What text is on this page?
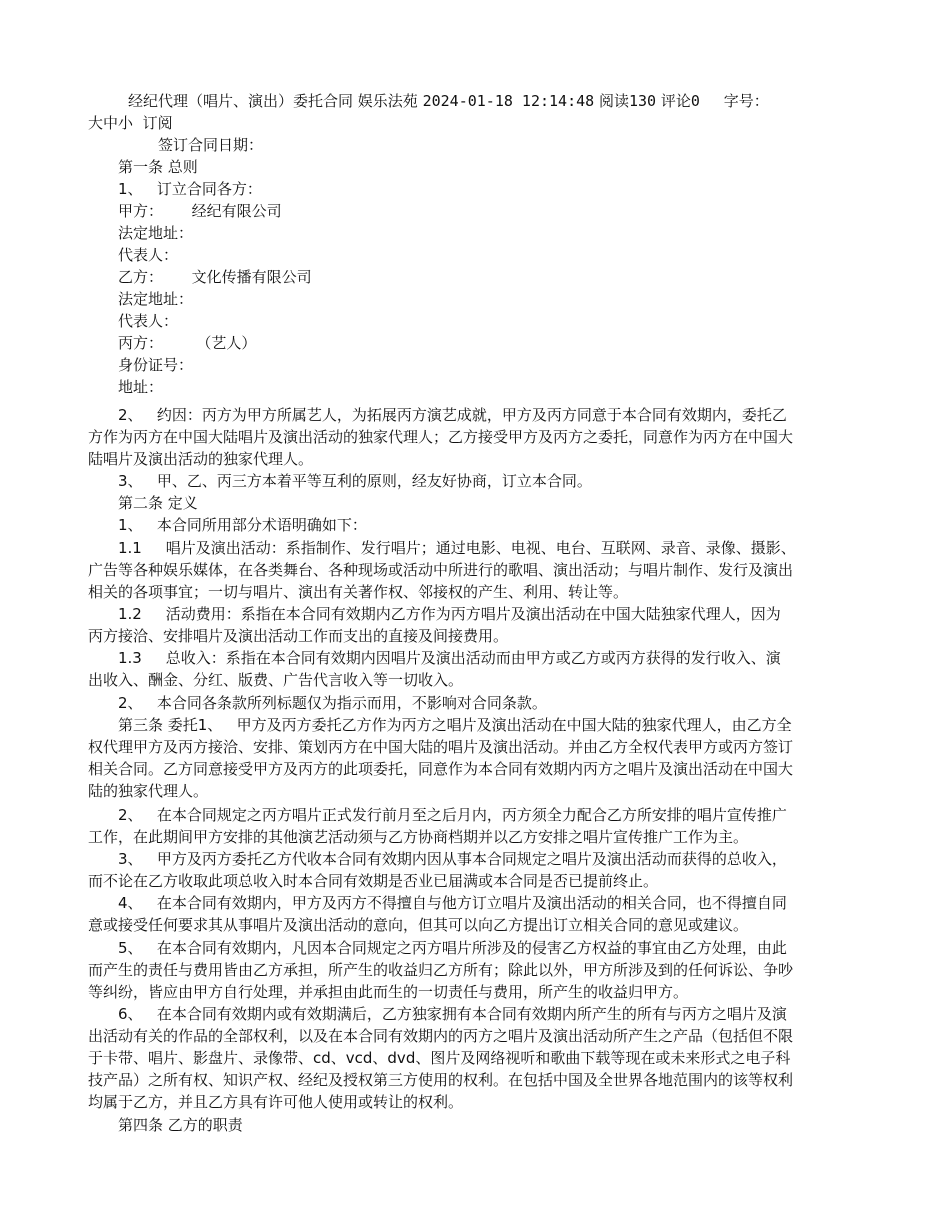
经纪代理（唱片、演出）委托合同 娱乐法苑 2024-01-18 12:14:48 阅读130 评论0 字号：
大中小 订阅
签订合同日期：
第一条 总则
1、   订立合同各方：
甲方：      经纪有限公司
法定地址：
代表人：
乙方：      文化传播有限公司
法定地址：
代表人：
丙方：       （艺人）
身份证号：
地址：
2、   约因：丙方为甲方所属艺人，为拓展丙方演艺成就，甲方及丙方同意于本合同有效期内，委托乙
方作为丙方在中国大陆唱片及演出活动的独家代理人；乙方接受甲方及丙方之委托，同意作为丙方在中国大
陆唱片及演出活动的独家代理人。
3、   甲、乙、丙三方本着平等互利的原则，经友好协商，订立本合同。
第二条 定义
1、   本合同所用部分术语明确如下：
1.1     唱片及演出活动：系指制作、发行唱片；通过电影、电视、电台、互联网、录音、录像、摄影、
广告等各种娱乐媒体，在各类舞台、各种现场或活动中所进行的歌唱、演出活动；与唱片制作、发行及演出
相关的各项事宜；一切与唱片、演出有关著作权、邻接权的产生、利用、转让等。
1.2     活动费用：系指在本合同有效期内乙方作为丙方唱片及演出活动在中国大陆独家代理人，因为
丙方接洽、安排唱片及演出活动工作而支出的直接及间接费用。
1.3     总收入：系指在本合同有效期内因唱片及演出活动而由甲方或乙方或丙方获得的发行收入、演
出收入、酬金、分红、版费、广告代言收入等一切收入。
2、   本合同各条款所列标题仅为指示而用，不影响对合同条款。
第三条 委托1、   甲方及丙方委托乙方作为丙方之唱片及演出活动在中国大陆的独家代理人，由乙方全
权代理甲方及丙方接洽、安排、策划丙方在中国大陆的唱片及演出活动。并由乙方全权代表甲方或丙方签订
相关合同。乙方同意接受甲方及丙方的此项委托，同意作为本合同有效期内丙方之唱片及演出活动在中国大
陆的独家代理人。
2、   在本合同规定之丙方唱片正式发行前月至之后月内，丙方须全力配合乙方所安排的唱片宣传推广
工作，在此期间甲方安排的其他演艺活动须与乙方协商档期并以乙方安排之唱片宣传推广工作为主。
3、   甲方及丙方委托乙方代收本合同有效期内因从事本合同规定之唱片及演出活动而获得的总收入，
而不论在乙方收取此项总收入时本合同有效期是否业已届满或本合同是否已提前终止。
4、   在本合同有效期内，甲方及丙方不得擅自与他方订立唱片及演出活动的相关合同，也不得擅自同
意或接受任何要求其从事唱片及演出活动的意向，但其可以向乙方提出订立相关合同的意见或建议。
5、   在本合同有效期内，凡因本合同规定之丙方唱片所涉及的侵害乙方权益的事宜由乙方处理，由此
而产生的责任与费用皆由乙方承担，所产生的收益归乙方所有；除此以外，甲方所涉及到的任何诉讼、争吵
等纠纷，皆应由甲方自行处理，并承担由此而生的一切责任与费用，所产生的收益归甲方。
6、   在本合同有效期内或有效期满后，乙方独家拥有本合同有效期内所产生的所有与丙方之唱片及演
出活动有关的作品的全部权利，以及在本合同有效期内的丙方之唱片及演出活动所产生之产品（包括但不限
于卡带、唱片、影盘片、录像带、cd、vcd、dvd、图片及网络视听和歌曲下载等现在或未来形式之电子科
技产品）之所有权、知识产权、经纪及授权第三方使用的权利。在包括中国及全世界各地范围内的该等权利
均属于乙方，并且乙方具有许可他人使用或转让的权利。
第四条 乙方的职责
